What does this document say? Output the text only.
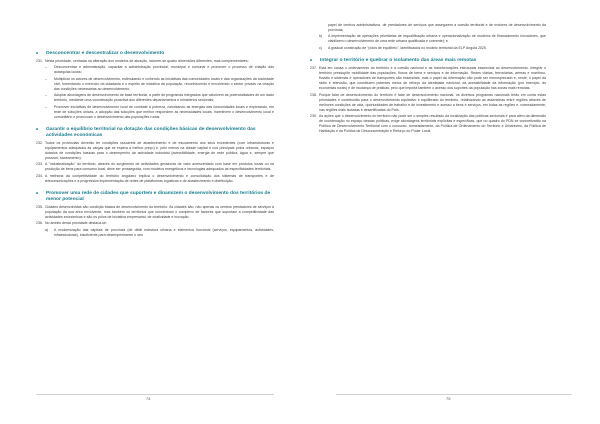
•	Desconcentrar e descentralizar o desenvolvimento
231. Nesta prioridade, centrada na alteração dos modelos de atuação, incluem-se quatro dimensões diferentes, mas complementares:
–	Desconcentrar e administração, capacitar a administração provincial, municipal e comunal e promover o processo de criação das autarquias locais;
–	Multiplicar os actores de desenvolvimento, estimulando e colhendo as iniciativas das comunidades locais e das organizações da sociedade civil, fomentando o exercício da cidadania e o espírito de iniciativa da população, reconhecendo e envolvendo o sector privado na criação das condições necessárias ao desenvolvimento;
–	Adoptar abordagens de desenvolvimento de base territorial, a partir de programas integrados que valorizem as potencialidades de um dado território, mediante uma coordenação proactiva dos diferentes departamentos e ministérios sectoriais;
–	Promover iniciativas de desenvolvimento local de combate à pobreza, valorizando as energias das comunidades locais e explorando, em rede de soluções únicas, a adopção das soluções que melhor respondem às necessidades locais, incentivem o desenvolvimento local e comunitário e promovam o desenvolvimento das populações rurais.
•	Garantir o equilíbrio territorial na dotação das condições básicas de desenvolvimento das actividades económicas
232. Todos os provinciais deverão ter condições razoáveis de abastecimento e de escoamento dos seus excedentes (com infraestruturas e equipamentos adequados às cargas que se espera a melhor preço) e, pelo menos na cidade capital e nos principais pólos urbanos, espaços dotados de condições básicas para o desempenho da actividade industrial (acessibilidade, energia de rede pública, água e, sempre que possível, saneamento).
233. A "industrialização" do território, através do surgimento de actividades geradoras de valor acrescentado com base em produtos locais ou na produção de bens para consumo local, deve ser prosseguida, com modelos energéticos e tecnologias adequados às especificidades territoriais.
234. A melhoria da competitividade do território angolano implica o desenvolvimento e consolidação dos sistemas de transportes e de telecomunicações e a progressiva implementação de redes de plataformas logísticas e de abastecimento e distribuição.
•	Promover uma rede de cidades que suportem e dinamizem o desenvolvimento dos territórios de menor potencial
235. Cidades desenvolvidas são condição básica de desenvolvimento do território. As cidades são, não apenas os centros prestadores de serviços à população da sua área envolvente, mas também os territórios que concentram o complexo de factores que suportam a competitividade das actividades económicas e são os pólos de iniciativa empresarial, de criatividade e inovação.
236. No âmbito desta prioridade destaca-se:
a)	A modernização das capitais de província (de débil estrutura urbana e elementos funcional (serviços, equipamentos, actividades, infraestruturas), insuficiente para desempenharem o seu
74
papel de centros administrativos, de prestadores de serviços que assegurem a coesão territorial e de motores de desenvolvimento da província;
b)	A implementação de operações prioritárias de requalificação urbana e operacionalização de modelos de financiamento inovadores, que viabilizem o desenvolvimento de uma rede urbana qualificada e coerente); e
c)	A gradual construção de "pólos de equilíbrio", identificados no modelo territorial da ELP Angola 2025.
•	Integrar o território e quebrar o isolamento das áreas mais remotas
237. Está em causa o ordenamento do território e a coesão nacional e as transformações estruturais essenciais ao desenvolvimento. Integrar o território pressupõe mobilidade das populações, fluxos de bens e serviços e de informação. Redes viárias, ferroviárias, aéreas e marítimo-fluviais e sistemas e operadores de transportes são essenciais, mas o papel da informação não pode ser menosprezado e, neste, o papel da rádio e televisão, que constituem potentes meios de reforço da identidade nacional, da acessibilidade da informação (por exemplo, às economias rurais) e de mudança de práticas, pelo que importa também o acesso dos suportes da população nas zonas mais remotas.
238. Porque falar de desenvolvimento do território é falar de desenvolvimento nacional, os diversos programas nacionais terão em conta estas prioridades e contribuirão para o desenvolvimento equitativo e equilibrado do território, relativizando as assimetrias entre regiões através de melhores condições de vida, oportunidades de trabalho e de investimento e acesso a bens e serviços, em todas as regiões e, nomeadamente, nas regiões mais isoladas e desertificadas do País.
239. As ações que o desenvolvimento do território não pode ser o simples resultado da localização das políticas sectoriais e para além da dimensão de coordenação no espaço dessas políticas, exige abordagens territoriais explícitas e específicas, que no quadro do PDN se concretizarão na Política de Desenvolvimento Territorial com o concurso, nomeadamente, da Política de Ordenamento do Território e Urbanismo, da Política de Habitação e da Política de Desconcentração e Reforço do Poder Local.
75
